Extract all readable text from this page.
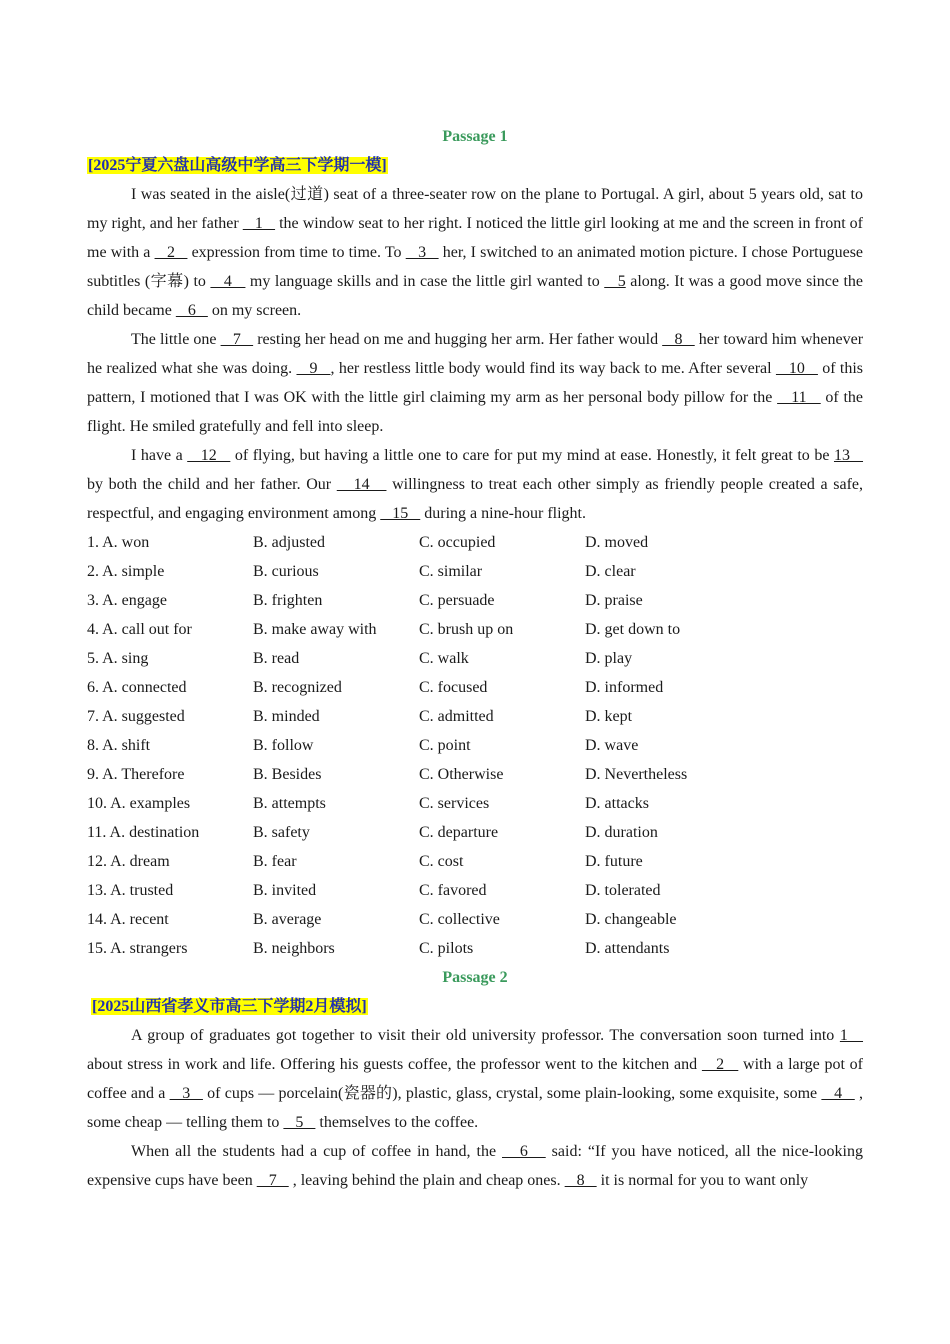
Passage 1
[2025宁夏六盘山高级中学高三下学期一模]

I was seated in the aisle(过道) seat of a three-seater row on the plane to Portugal. A girl, about 5 years old, sat to my right, and her father    1    the window seat to her right. I noticed the little girl looking at me and the screen in front of me with a    2    expression from time to time. To    3    her, I switched to an animated motion picture. I chose Portuguese subtitles (字幕) to    4    my language skills and in case the little girl wanted to    5 along. It was a good move since the child became    6    on my screen.

The little one    7    resting her head on me and hugging her arm. Her father would    8    her toward him whenever he realized what she was doing.    9   , her restless little body would find its way back to me. After several    10    of this pattern, I motioned that I was OK with the little girl claiming my arm as her personal body pillow for the    11    of the flight. He smiled gratefully and fell into sleep.

I have a    12    of flying, but having a little one to care for put my mind at ease. Honestly, it felt great to be 13    by both the child and her father. Our    14    willingness to treat each other simply as friendly people created a safe, respectful, and engaging environment among    15    during a nine-hour flight.

1. A. won	B. adjusted	C. occupied	D. moved
2. A. simple	B. curious	C. similar	D. clear
3. A. engage	B. frighten	C. persuade	D. praise
4. A. call out for	B. make away with	C. brush up on	D. get down to
5. A. sing	B. read	C. walk	D. play
6. A. connected	B. recognized	C. focused	D. informed
7. A. suggested	B. minded	C. admitted	D. kept
8. A. shift	B. follow	C. point	D. wave
9. A. Therefore	B. Besides	C. Otherwise	D. Nevertheless
10. A. examples	B. attempts	C. services	D. attacks
11. A. destination	B. safety	C. departure	D. duration
12. A. dream	B. fear	C. cost	D. future
13. A. trusted	B. invited	C. favored	D. tolerated
14. A. recent	B. average	C. collective	D. changeable
15. A. strangers	B. neighbors	C. pilots	D. attendants
Passage 2
[2025山西省孝义市高三下学期2月模拟]

A group of graduates got together to visit their old university professor. The conversation soon turned into 1    about stress in work and life. Offering his guests coffee, the professor went to the kitchen and    2    with a large pot of coffee and a    3    of cups — porcelain(瓷器的), plastic, glass, crystal, some plain-looking, some exquisite, some    4    , some cheap — telling them to    5    themselves to the coffee.

When all the students had a cup of coffee in hand, the    6    said: “If you have noticed, all the nice-looking expensive cups have been    7    , leaving behind the plain and cheap ones.    8    it is normal for you to want only
